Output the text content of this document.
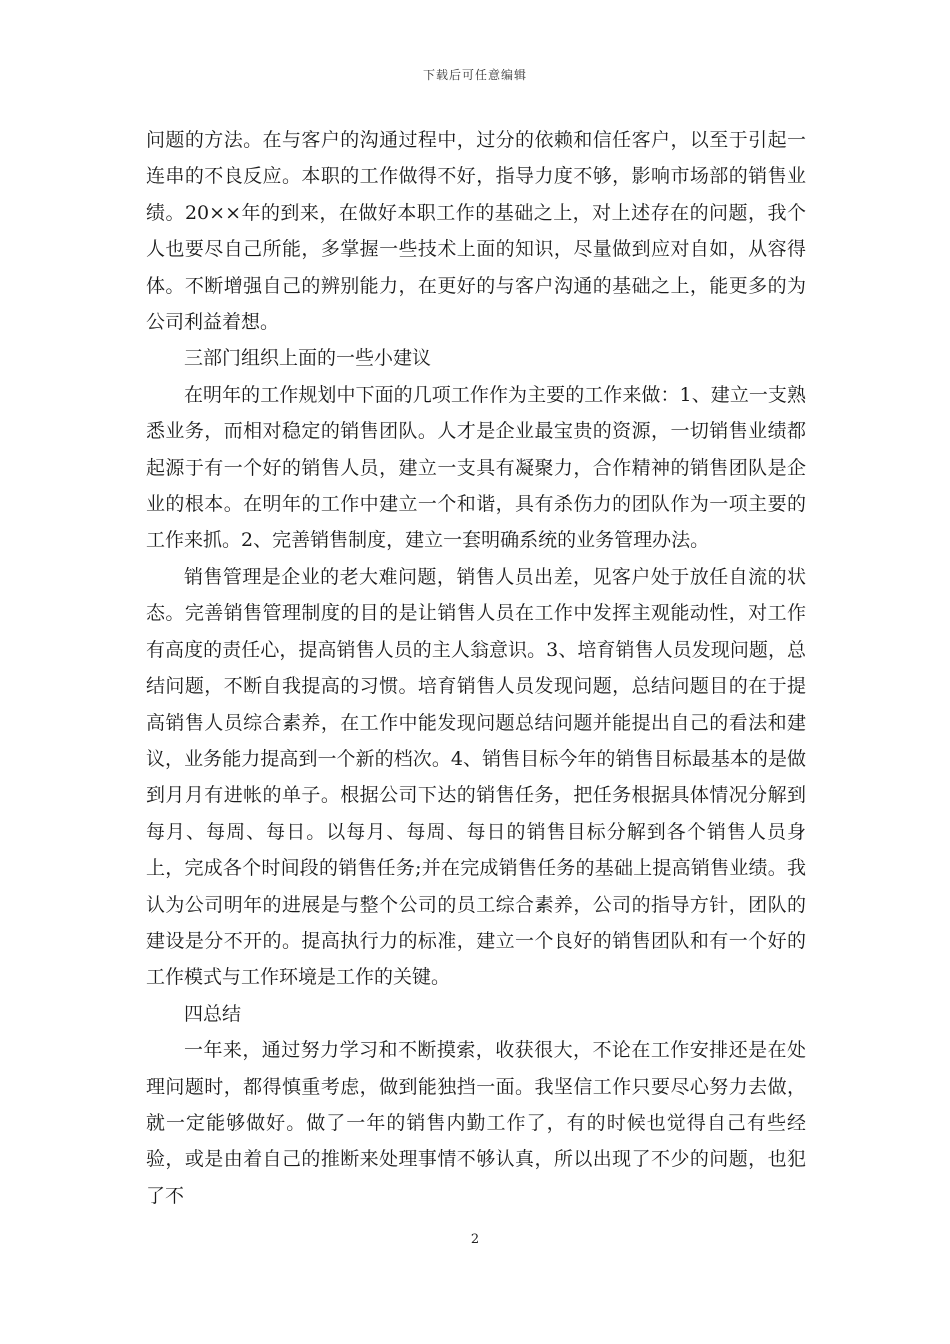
下载后可任意编辑

问题的方法。在与客户的沟通过程中，过分的依赖和信任客户，以至于引起一连串的不良反应。本职的工作做得不好，指导力度不够，影响市场部的销售业绩。20××年的到来，在做好本职工作的基础之上，对上述存在的问题，我个人也要尽自己所能，多掌握一些技术上面的知识，尽量做到应对自如，从容得体。不断增强自己的辨别能力，在更好的与客户沟通的基础之上，能更多的为公司利益着想。

三部门组织上面的一些小建议

在明年的工作规划中下面的几项工作作为主要的工作来做：1、建立一支熟悉业务，而相对稳定的销售团队。人才是企业最宝贵的资源，一切销售业绩都起源于有一个好的销售人员，建立一支具有凝聚力，合作精神的销售团队是企业的根本。在明年的工作中建立一个和谐，具有杀伤力的团队作为一项主要的工作来抓。2、完善销售制度，建立一套明确系统的业务管理办法。

销售管理是企业的老大难问题，销售人员出差，见客户处于放任自流的状态。完善销售管理制度的目的是让销售人员在工作中发挥主观能动性，对工作有高度的责任心，提高销售人员的主人翁意识。3、培育销售人员发现问题，总结问题，不断自我提高的习惯。培育销售人员发现问题，总结问题目的在于提高销售人员综合素养，在工作中能发现问题总结问题并能提出自己的看法和建议，业务能力提高到一个新的档次。4、销售目标今年的销售目标最基本的是做到月月有进帐的单子。根据公司下达的销售任务，把任务根据具体情况分解到每月、每周、每日。以每月、每周、每日的销售目标分解到各个销售人员身上，完成各个时间段的销售任务;并在完成销售任务的基础上提高销售业绩。我认为公司明年的进展是与整个公司的员工综合素养，公司的指导方针，团队的建设是分不开的。提高执行力的标准，建立一个良好的销售团队和有一个好的工作模式与工作环境是工作的关键。

四总结

一年来，通过努力学习和不断摸索，收获很大，不论在工作安排还是在处理问题时，都得慎重考虑，做到能独挡一面。我坚信工作只要尽心努力去做，就一定能够做好。做了一年的销售内勤工作了，有的时候也觉得自己有些经验，或是由着自己的推断来处理事情不够认真，所以出现了不少的问题，也犯了不

2
